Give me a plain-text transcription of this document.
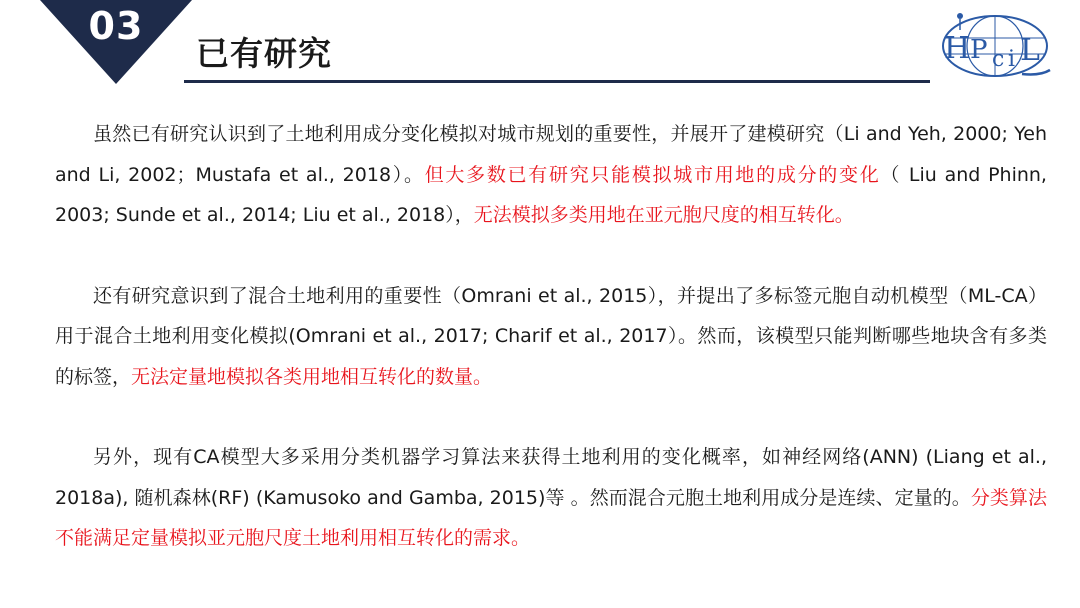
03
已有研究	H P c i L

虽然已有研究认识到了土地利用成分变化模拟对城市规划的重要性，并展开了建模研究（Li and Yeh, 2000; Yeh and Li, 2002；Mustafa et al., 2018）。但大多数已有研究只能模拟城市用地的成分的变化（ Liu and Phinn, 2003; Sunde et al., 2014; Liu et al., 2018），无法模拟多类用地在亚元胞尺度的相互转化。

还有研究意识到了混合土地利用的重要性（Omrani et al., 2015），并提出了多标签元胞自动机模型（ML-CA）用于混合土地利用变化模拟(Omrani et al., 2017; Charif et al., 2017）。然而，该模型只能判断哪些地块含有多类的标签，无法定量地模拟各类用地相互转化的数量。

另外，现有CA模型大多采用分类机器学习算法来获得土地利用的变化概率，如神经网络(ANN) (Liang et al., 2018a), 随机森林(RF) (Kamusoko and Gamba, 2015)等 。然而混合元胞土地利用成分是连续、定量的。分类算法不能满足定量模拟亚元胞尺度土地利用相互转化的需求。
